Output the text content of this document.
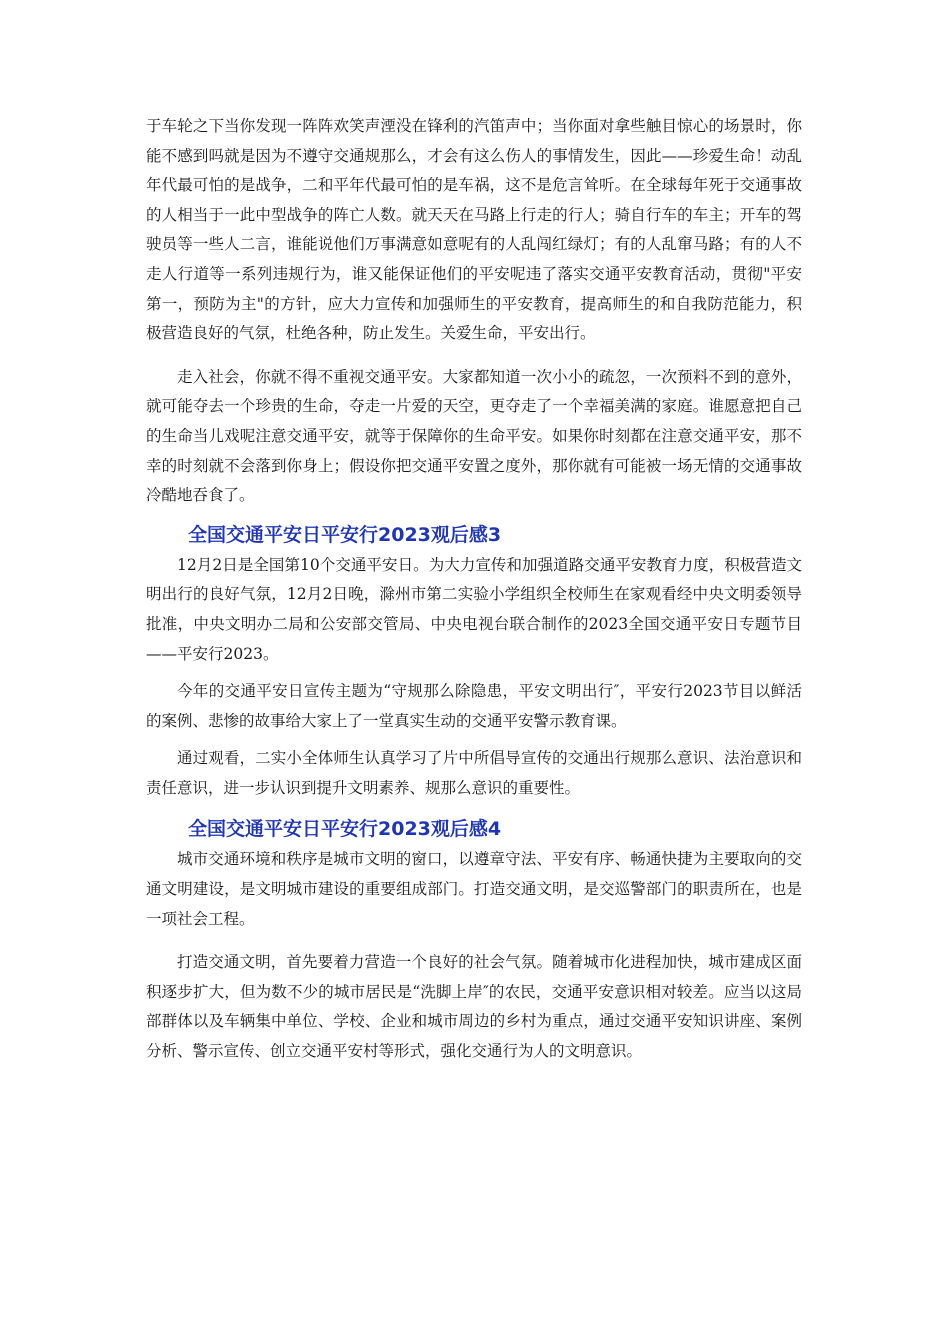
于车轮之下当你发现一阵阵欢笑声湮没在锋利的汽笛声中；当你面对拿些触目惊心的场景时，你能不感到吗就是因为不遵守交通规那么，才会有这么伤人的事情发生，因此——珍爱生命！动乱年代最可怕的是战争，二和平年代最可怕的是车祸，这不是危言耸听。在全球每年死于交通事故的人相当于一此中型战争的阵亡人数。就天天在马路上行走的行人；骑自行车的车主；开车的驾驶员等一些人二言，谁能说他们万事满意如意呢有的人乱闯红绿灯；有的人乱窜马路；有的人不走人行道等一系列违规行为，谁又能保证他们的平安呢违了落实交通平安教育活动，贯彻"平安第一，预防为主"的方针，应大力宣传和加强师生的平安教育，提高师生的和自我防范能力，积极营造良好的气氛，杜绝各种，防止发生。关爱生命，平安出行。

走入社会，你就不得不重视交通平安。大家都知道一次小小的疏忽，一次预料不到的意外，就可能夺去一个珍贵的生命，夺走一片爱的天空，更夺走了一个幸福美满的家庭。谁愿意把自己的生命当儿戏呢注意交通平安，就等于保障你的生命平安。如果你时刻都在注意交通平安，那不幸的时刻就不会落到你身上；假设你把交通平安置之度外，那你就有可能被一场无情的交通事故冷酷地吞食了。

全国交通平安日平安行2023观后感3

12月2日是全国第10个交通平安日。为大力宣传和加强道路交通平安教育力度，积极营造文明出行的良好气氛，12月2日晚，滁州市第二实验小学组织全校师生在家观看经中央文明委领导批准，中央文明办二局和公安部交管局、中央电视台联合制作的2023全国交通平安日专题节目——平安行2023。

今年的交通平安日宣传主题为“守规那么除隐患，平安文明出行″，平安行2023节目以鲜活的案例、悲惨的故事给大家上了一堂真实生动的交通平安警示教育课。

通过观看，二实小全体师生认真学习了片中所倡导宣传的交通出行规那么意识、法治意识和责任意识，进一步认识到提升文明素养、规那么意识的重要性。

全国交通平安日平安行2023观后感4

城市交通环境和秩序是城市文明的窗口，以遵章守法、平安有序、畅通快捷为主要取向的交通文明建设，是文明城市建设的重要组成部门。打造交通文明，是交巡警部门的职责所在，也是一项社会工程。

打造交通文明，首先要着力营造一个良好的社会气氛。随着城市化进程加快，城市建成区面积逐步扩大，但为数不少的城市居民是“洗脚上岸″的农民，交通平安意识相对较差。应当以这局部群体以及车辆集中单位、学校、企业和城市周边的乡村为重点，通过交通平安知识讲座、案例分析、警示宣传、创立交通平安村等形式，强化交通行为人的文明意识。
